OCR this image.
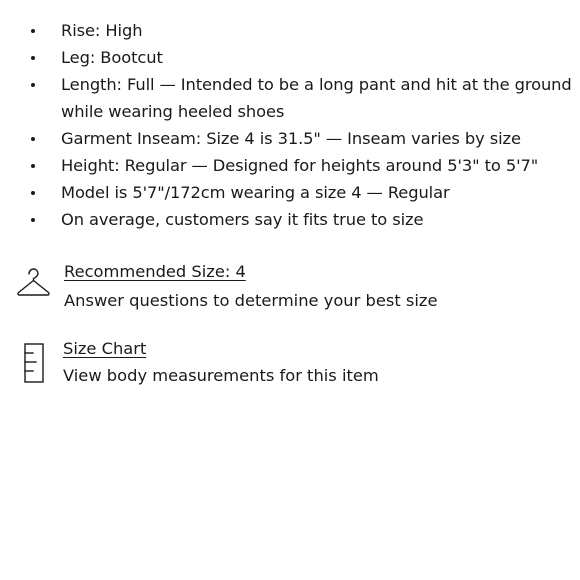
Rise: High
Leg: Bootcut
Length: Full — Intended to be a long pant and hit at the ground while wearing heeled shoes
Garment Inseam: Size 4 is 31.5" — Inseam varies by size
Height: Regular — Designed for heights around 5'3" to 5'7"
Model is 5'7"/172cm wearing a size 4 — Regular
On average, customers say it fits true to size
Recommended Size: 4
Answer questions to determine your best size
Size Chart
View body measurements for this item
